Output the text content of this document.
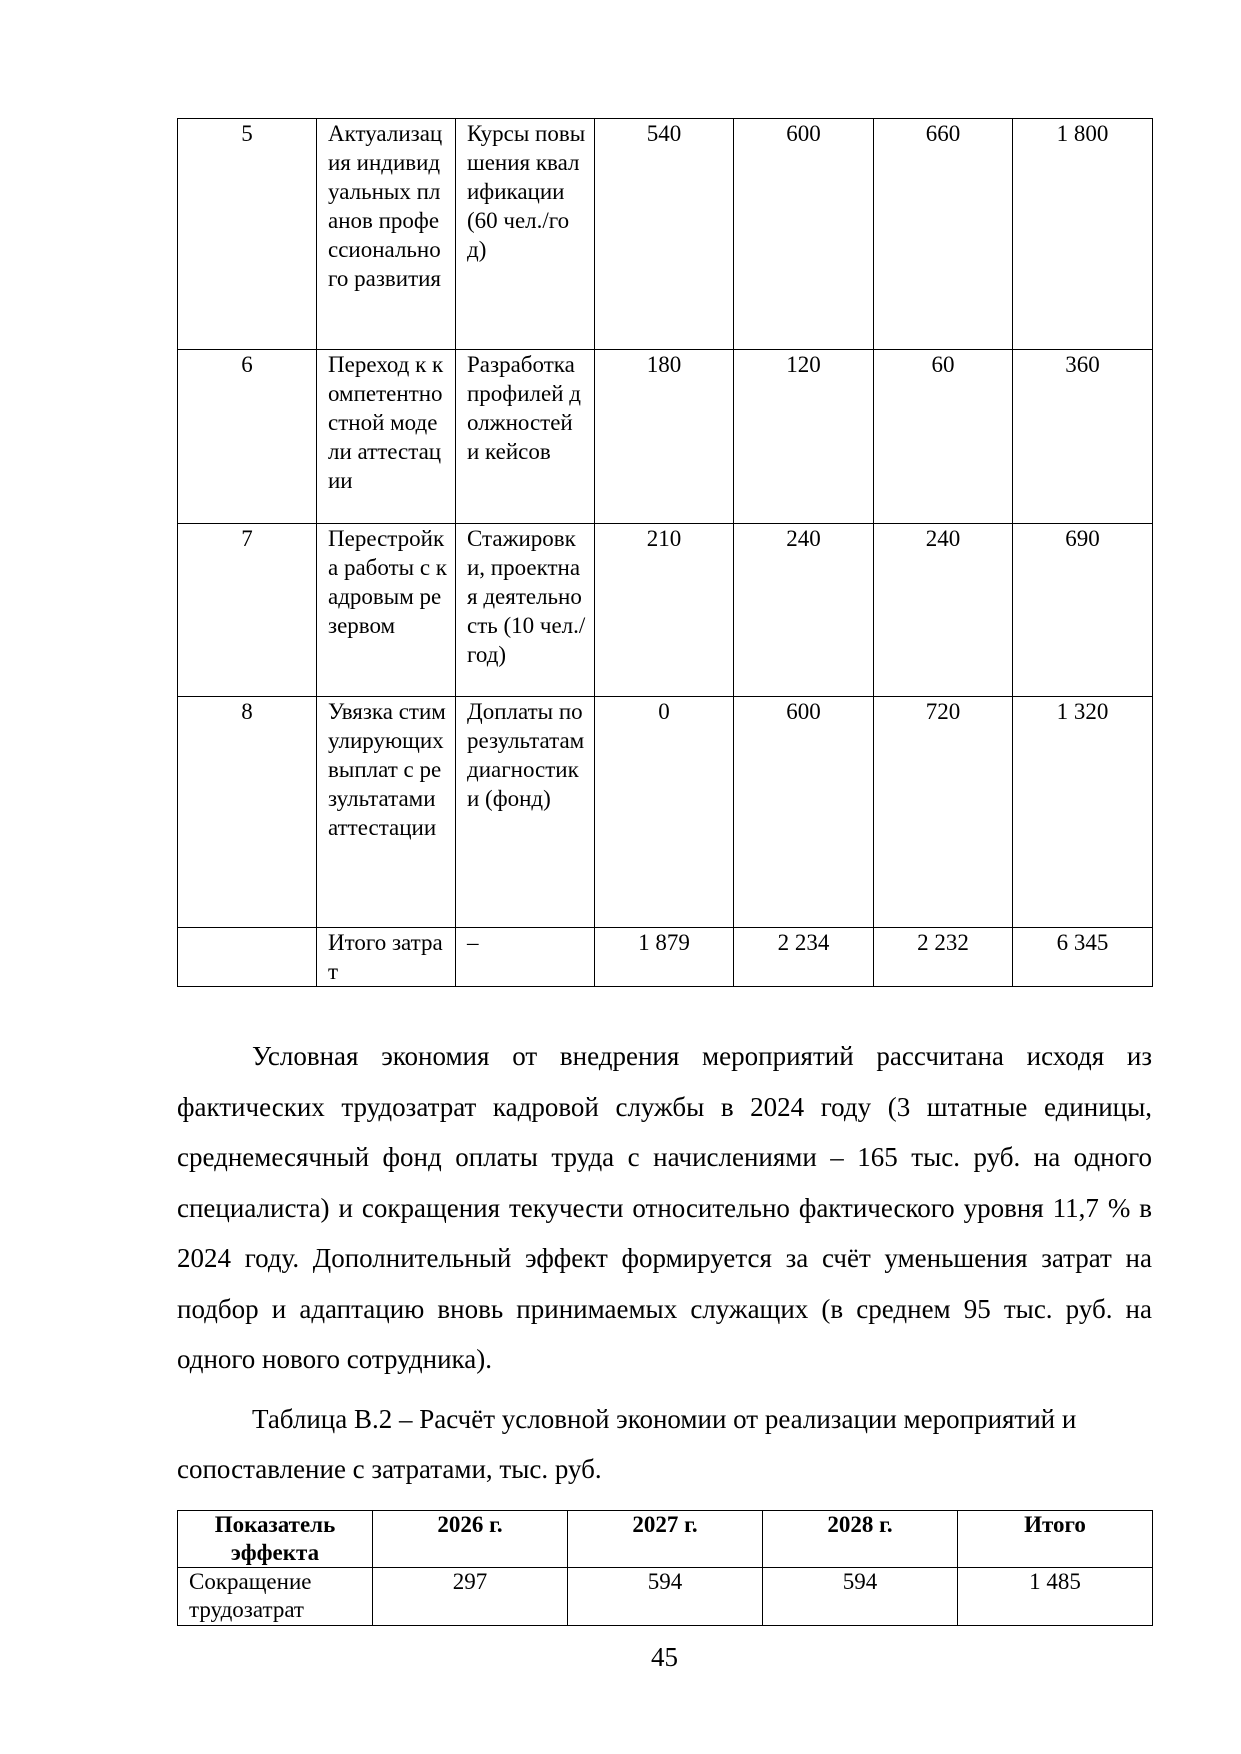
5	Актуализация индивидуальных планов профессионального развития	Курсы повышения квалификации (60 чел./год)	540	600	660	1 800
6	Переход к компетентностной модели аттестации	Разработка профилей должностей и кейсов	180	120	60	360
7	Перестройка работы с кадровым резервом	Стажировки, проектная деятельность (10 чел./год)	210	240	240	690
8	Увязка стимулирующих выплат с результатами аттестации	Доплаты по результатам диагностики (фонд)	0	600	720	1 320
	Итого затрат	–	1 879	2 234	2 232	6 345

Условная экономия от внедрения мероприятий рассчитана исходя из фактических трудозатрат кадровой службы в 2024 году (3 штатные единицы, среднемесячный фонд оплаты труда с начислениями – 165 тыс. руб. на одного специалиста) и сокращения текучести относительно фактического уровня 11,7 % в 2024 году. Дополнительный эффект формируется за счёт уменьшения затрат на подбор и адаптацию вновь принимаемых служащих (в среднем 95 тыс. руб. на одного нового сотрудника).

Таблица В.2 – Расчёт условной экономии от реализации мероприятий и сопоставление с затратами, тыс. руб.

Показатель эффекта	2026 г.	2027 г.	2028 г.	Итого
Сокращение трудозатрат	297	594	594	1 485
45
